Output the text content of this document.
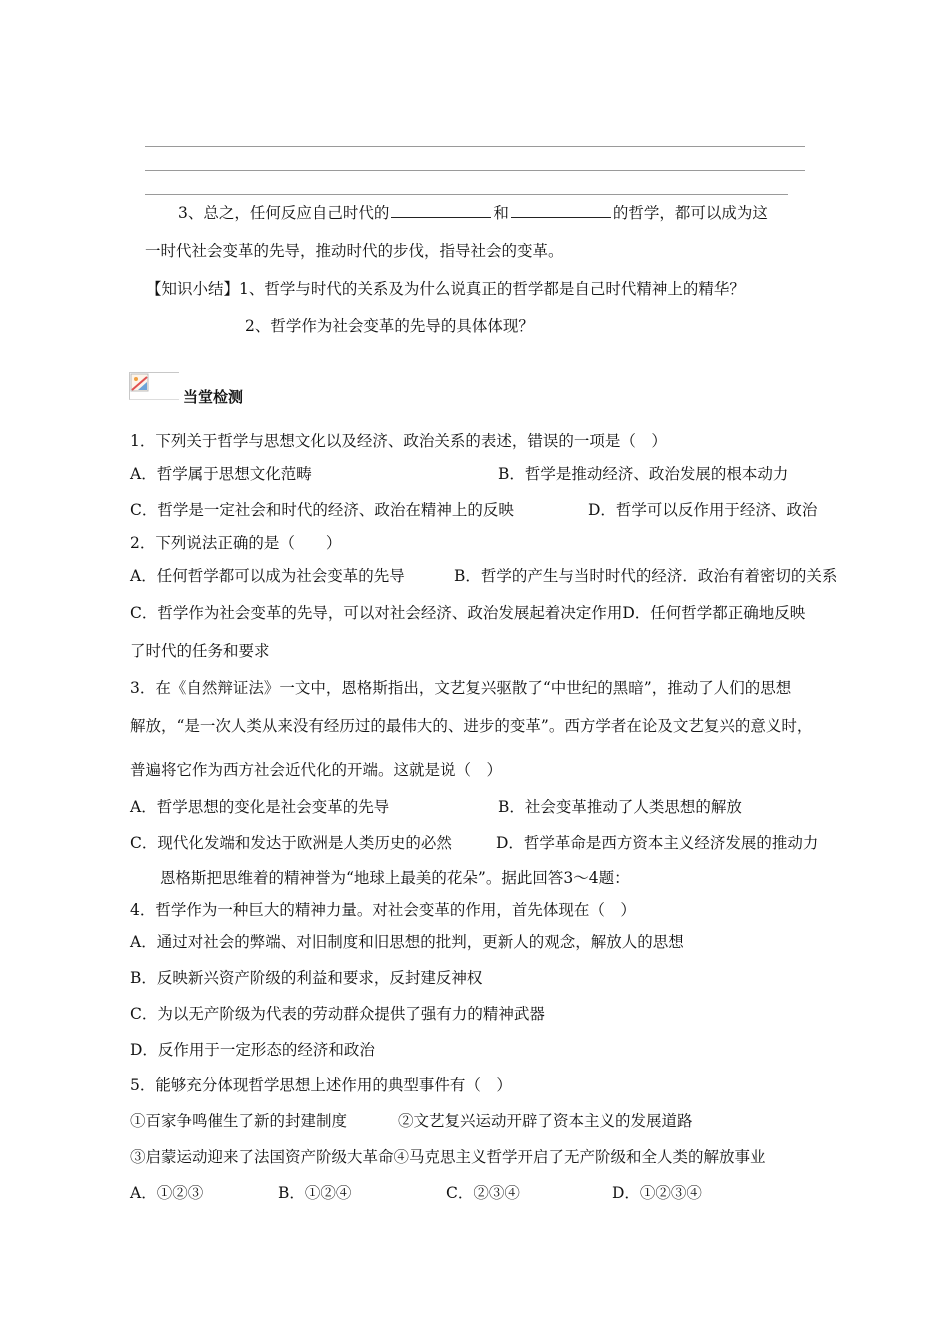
3、总之，任何反应自己时代的	和	的哲学，都可以成为这
一时代社会变革的先导，推动时代的步伐，指导社会的变革。
【知识小结】1、哲学与时代的关系及为什么说真正的哲学都是自己时代精神上的精华？
2、哲学作为社会变革的先导的具体体现？
当堂检测
1．下列关于哲学与思想文化以及经济、政治关系的表述，错误的一项是（　）
A．哲学属于思想文化范畴	B．哲学是推动经济、政治发展的根本动力
C．哲学是一定社会和时代的经济、政治在精神上的反映	D．哲学可以反作用于经济、政治
2．下列说法正确的是（　　）
A．任何哲学都可以成为社会变革的先导	B．哲学的产生与当时时代的经济．政治有着密切的关系
C．哲学作为社会变革的先导，可以对社会经济、政治发展起着决定作用D．任何哲学都正确地反映
了时代的任务和要求
3．在《自然辩证法》一文中，恩格斯指出，文艺复兴驱散了“中世纪的黑暗”，推动了人们的思想
解放，“是一次人类从来没有经历过的最伟大的、进步的变革”。西方学者在论及文艺复兴的意义时，
普遍将它作为西方社会近代化的开端。这就是说（　）
A．哲学思想的变化是社会变革的先导	B．社会变革推动了人类思想的解放
C．现代化发端和发达于欧洲是人类历史的必然	D．哲学革命是西方资本主义经济发展的推动力
恩格斯把思维着的精神誉为“地球上最美的花朵”。据此回答3～4题：
4．哲学作为一种巨大的精神力量。对社会变革的作用，首先体现在（　）
A．通过对社会的弊端、对旧制度和旧思想的批判，更新人的观念，解放人的思想
B．反映新兴资产阶级的利益和要求，反封建反神权
C．为以无产阶级为代表的劳动群众提供了强有力的精神武器
D．反作用于一定形态的经济和政治
5．能够充分体现哲学思想上述作用的典型事件有（　）
①百家争鸣催生了新的封建制度	②文艺复兴运动开辟了资本主义的发展道路
③启蒙运动迎来了法国资产阶级大革命④马克思主义哲学开启了无产阶级和全人类的解放事业
A．①②③	B．①②④	C．②③④	D．①②③④
